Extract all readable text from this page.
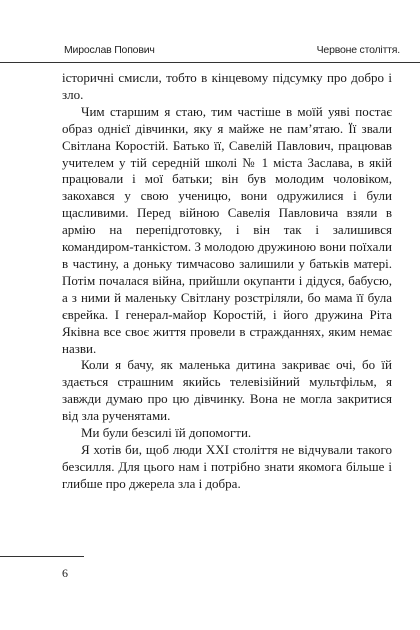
Мирослав Попович	Червоне століття.

історичні смисли, тобто в кінцевому підсумку про добро і зло.

Чим старшим я стаю, тим частіше в моїй уяві постає образ однієї дівчинки, яку я майже не пам’ятаю. Її звали Світлана Коростій. Батько її, Савелій Павлович, працював учителем у тій середній школі № 1 міста Заслава, в якій працювали і мої батьки; він був молодим чоловіком, закохався у свою ученицю, вони одружилися і були щасливими. Перед війною Савелія Павловича взяли в армію на перепідготовку, і він так і залишився командиром-танкістом. З молодою дружиною вони поїхали в частину, а доньку тимчасово залишили у батьків матері. Потім почалася війна, прийшли окупанти і дідуся, бабусю, а з ними й маленьку Світлану розстріляли, бо мама її була єврейка. І генерал-майор Коростій, і його дружина Ріта Яківна все своє життя провели в стражданнях, яким немає назви.

Коли я бачу, як маленька дитина закриває очі, бо їй здається страшним якийсь телевізійний мультфільм, я завжди думаю про цю дівчинку. Вона не могла закритися від зла рученятами.

Ми були безсилі їй допомогти.

Я хотів би, щоб люди XXI століття не відчували такого безсилля. Для цього нам і потрібно знати якомога більше і глибше про джерела зла і добра.

6
